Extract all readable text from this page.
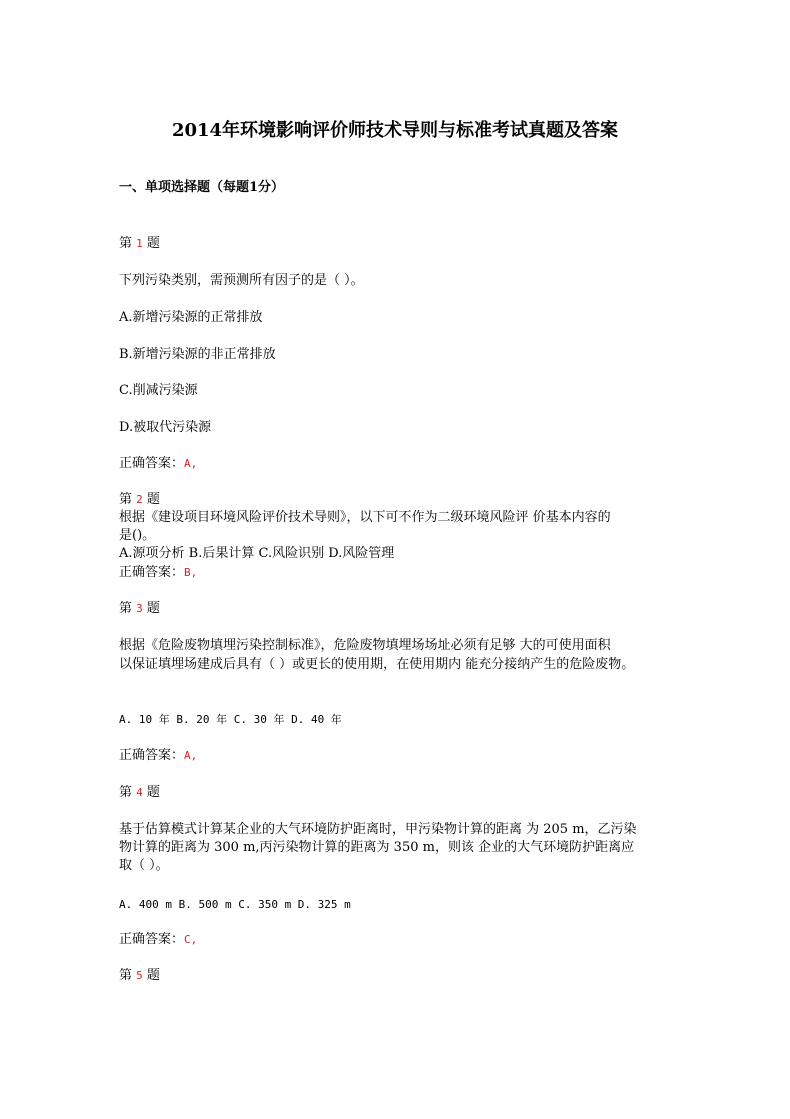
2014年环境影响评价师技术导则与标准考试真题及答案
一、单项选择题（每题1分）
第 1 题
下列污染类别，需预测所有因子的是（ ）。
A.新增污染源的正常排放
B.新增污染源的非正常排放
C.削减污染源
D.被取代污染源
正确答案：A,
第 2 题
根据《建设项目环境风险评价技术导则》，以下可不作为二级环境风险评 价基本内容的
是()。
A.源项分析 B.后果计算 C.风险识别 D.风险管理
正确答案：B,
第 3 题
根据《危险废物填埋污染控制标准》，危险废物填埋场场址必须有足够 大的可使用面积
以保证填埋场建成后具有（ ）或更长的使用期，在使用期内 能充分接纳产生的危险废物。
A. 10 年 B. 20 年 C. 30 年 D. 40 年
正确答案：A,
第 4 题
基于估算模式计算某企业的大气环境防护距离时，甲污染物计算的距离 为 205 m，乙污染
物计算的距离为 300 m,丙污染物计算的距离为 350 m，则该 企业的大气环境防护距离应
取（ ）。
A. 400 m B. 500 m C. 350 m D. 325 m
正确答案：C,
第 5 题
